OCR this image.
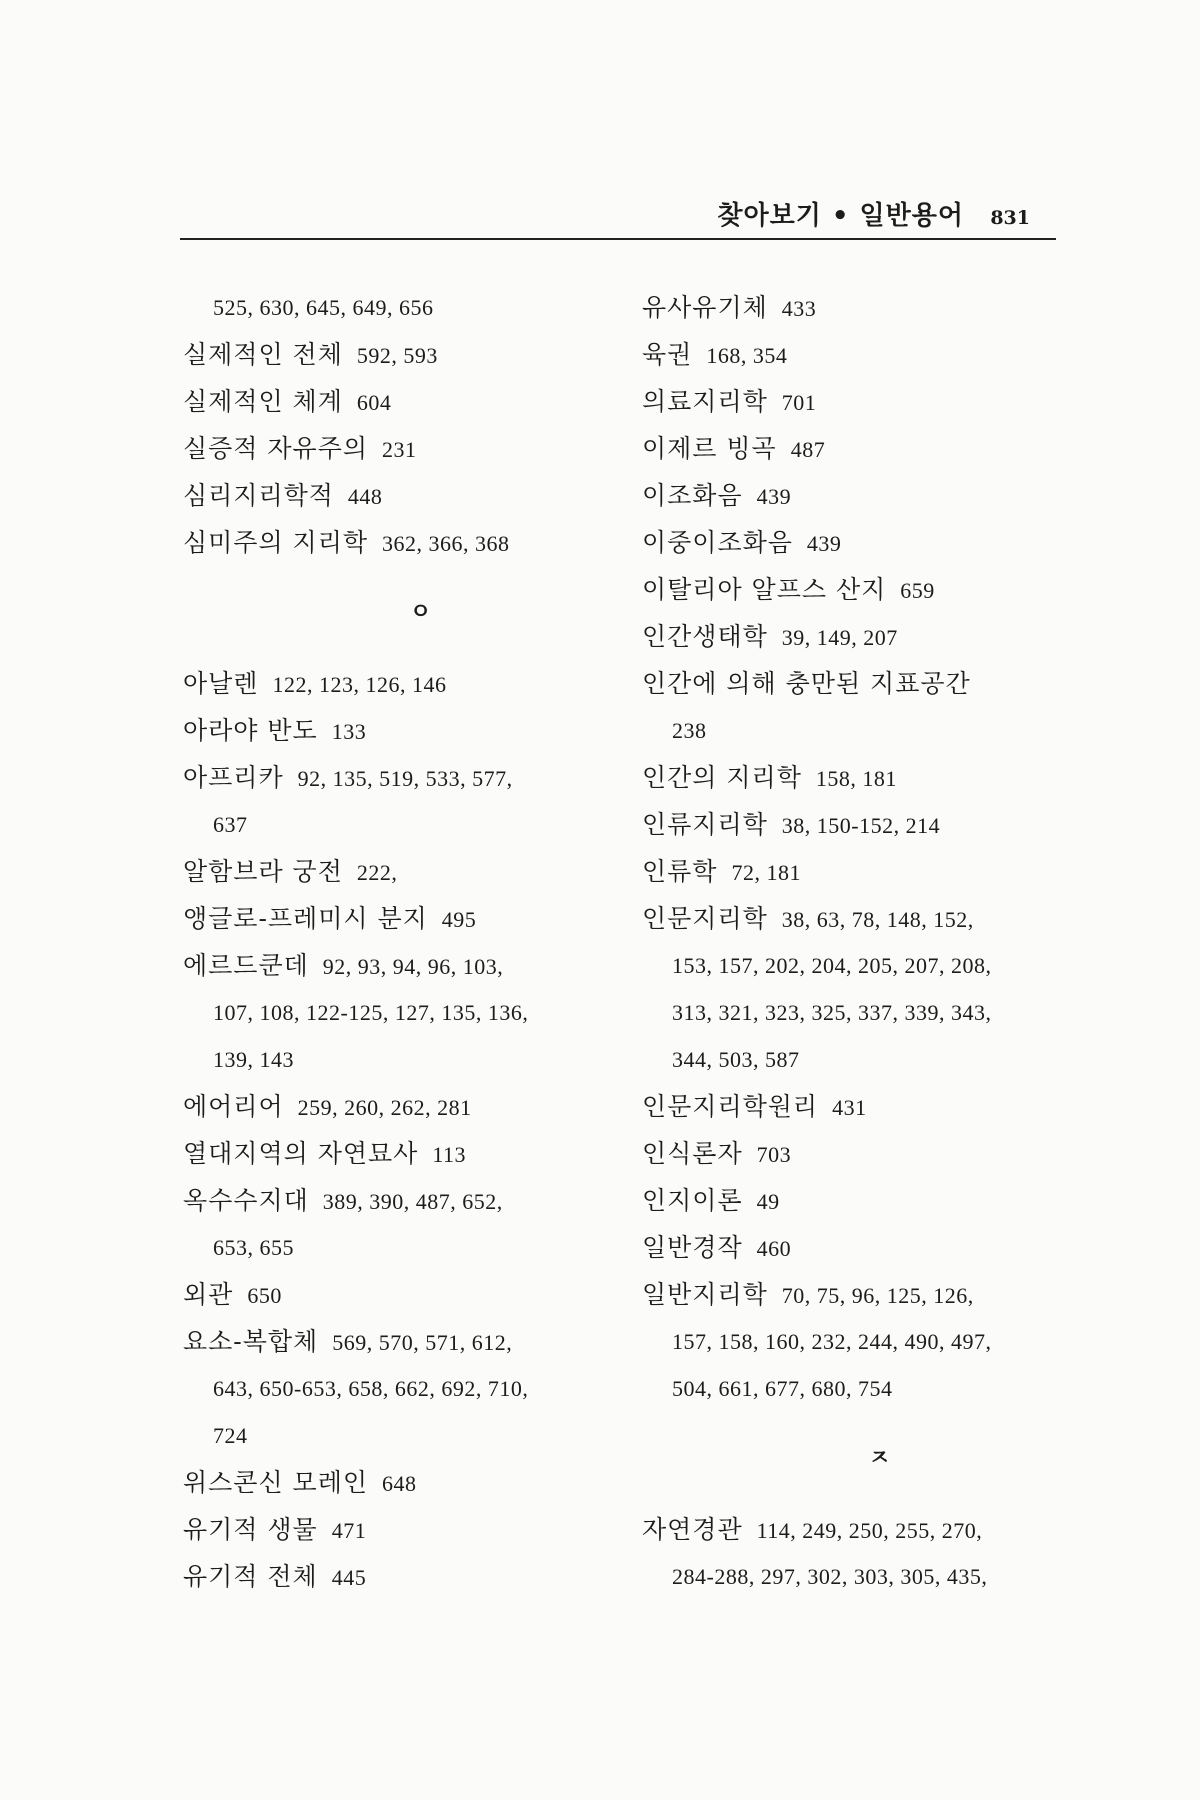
찾아보기 • 일반용어 831
525, 630, 645, 649, 656
실제적인 전체 592, 593
실제적인 체계 604
실증적 자유주의 231
심리지리학적 448
심미주의 지리학 362, 366, 368
ㅇ
아날렌 122, 123, 126, 146
아라야 반도 133
아프리카 92, 135, 519, 533, 577,
637
알함브라 궁전 222,
앵글로-프레미시 분지 495
에르드쿤데 92, 93, 94, 96, 103,
107, 108, 122-125, 127, 135, 136,
139, 143
에어리어 259, 260, 262, 281
열대지역의 자연묘사 113
옥수수지대 389, 390, 487, 652,
653, 655
외관 650
요소-복합체 569, 570, 571, 612,
643, 650-653, 658, 662, 692, 710,
724
위스콘신 모레인 648
유기적 생물 471
유기적 전체 445
유사유기체 433
육권 168, 354
의료지리학 701
이제르 빙곡 487
이조화음 439
이중이조화음 439
이탈리아 알프스 산지 659
인간생태학 39, 149, 207
인간에 의해 충만된 지표공간
238
인간의 지리학 158, 181
인류지리학 38, 150-152, 214
인류학 72, 181
인문지리학 38, 63, 78, 148, 152,
153, 157, 202, 204, 205, 207, 208,
313, 321, 323, 325, 337, 339, 343,
344, 503, 587
인문지리학원리 431
인식론자 703
인지이론 49
일반경작 460
일반지리학 70, 75, 96, 125, 126,
157, 158, 160, 232, 244, 490, 497,
504, 661, 677, 680, 754
ㅈ
자연경관 114, 249, 250, 255, 270,
284-288, 297, 302, 303, 305, 435,
